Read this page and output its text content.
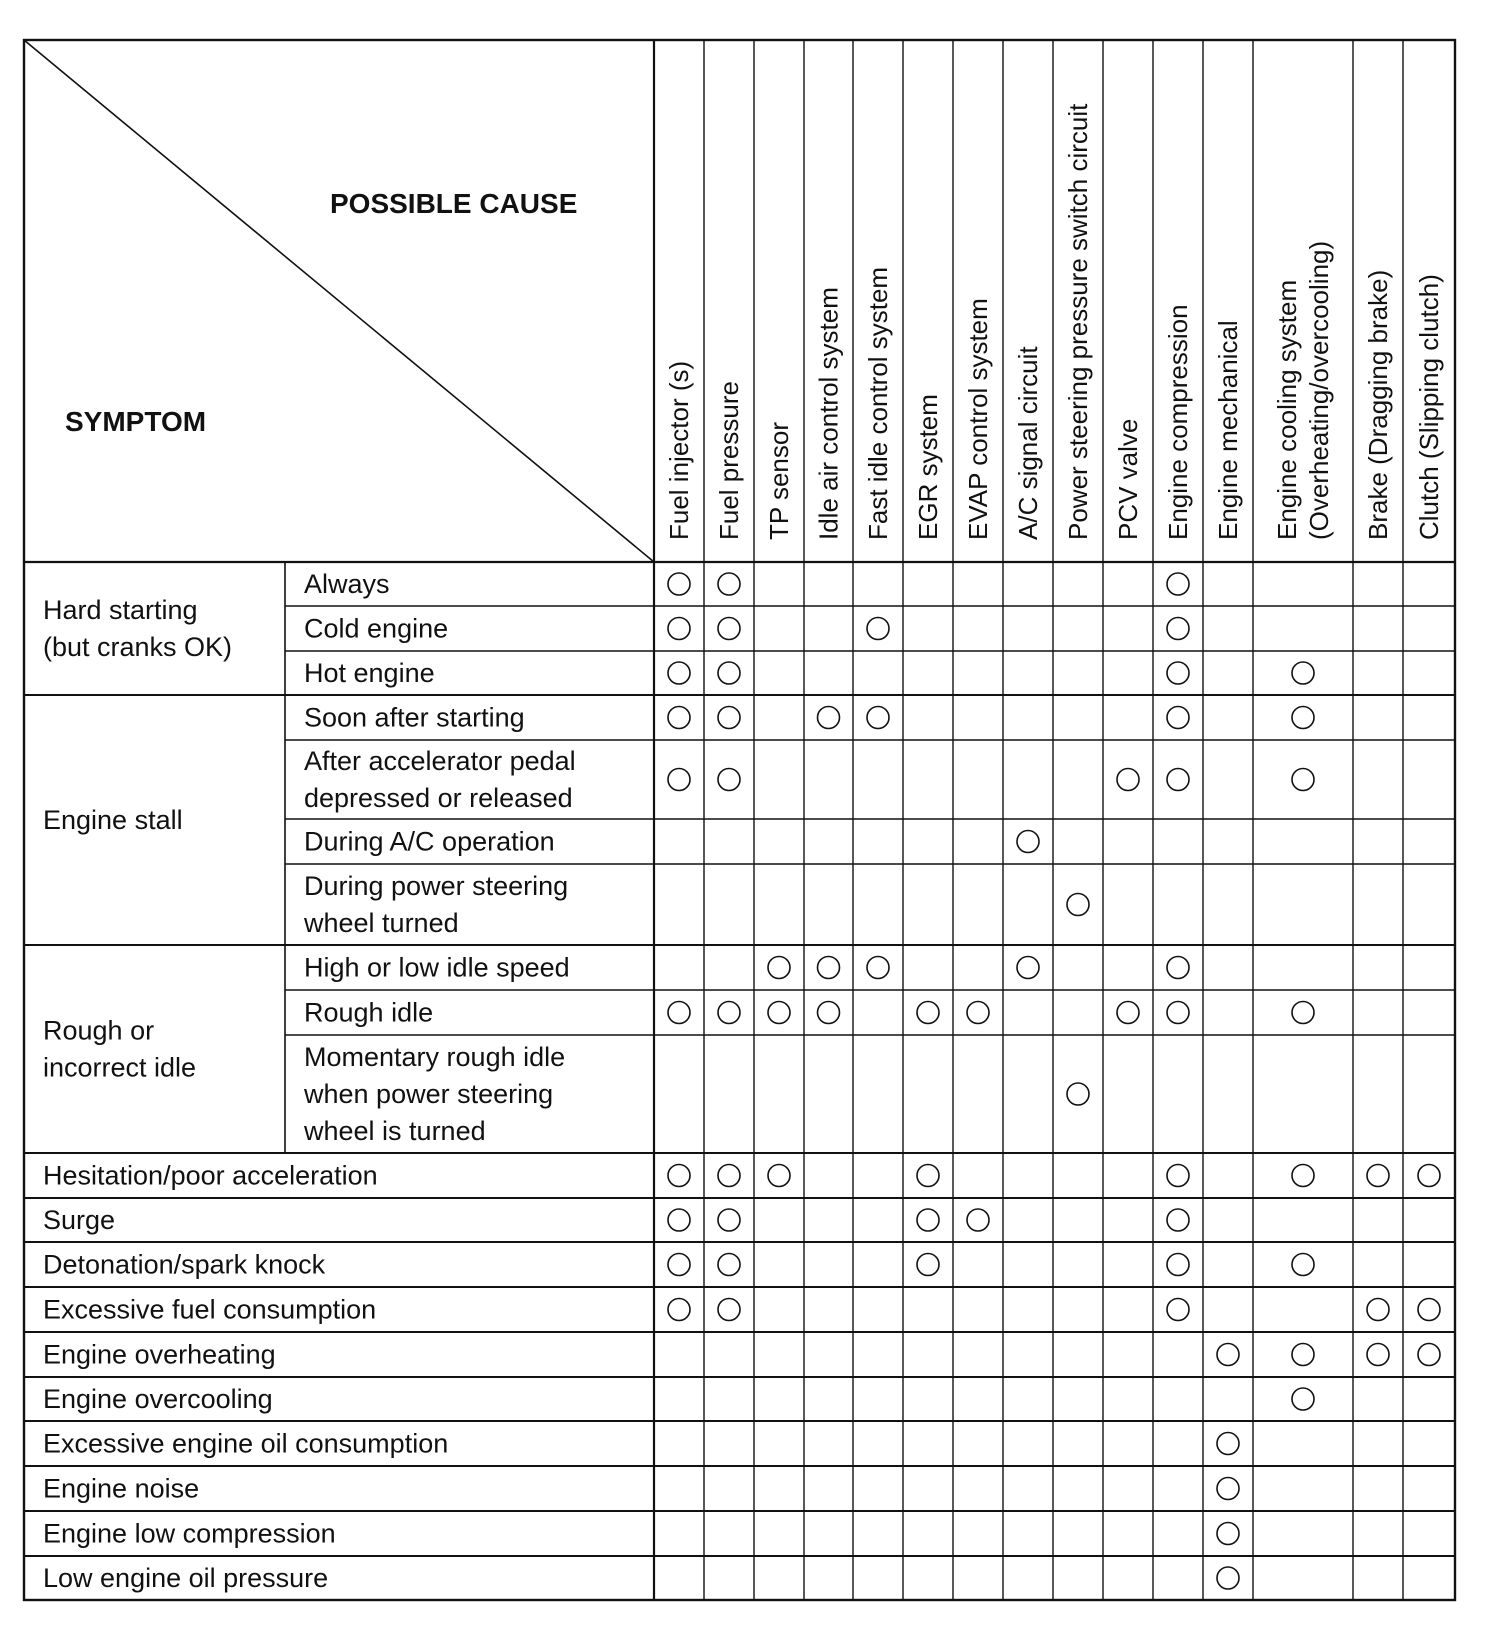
POSSIBLE CAUSE
SYMPTOM	Fuel injector (s) Fuel pressure TP sensor Idle air control system Fast idle control system EGR system EVAP control system A/C signal circuit Power steering pressure switch circuit PCV valve Engine compression Engine mechanical Engine cooling system (Overheating/overcooling) Brake (Dragging brake) Clutch (Slipping clutch)
Hard starting
(but cranks OK)
Engine stall
Rough or
incorrect idle
Always
Cold engine
Hot engine
Soon after starting
After accelerator pedal
depressed or released
During A/C operation
During power steering
wheel turned
High or low idle speed
Rough idle
Momentary rough idle
when power steering
wheel is turned
Hesitation/poor acceleration
Surge
Detonation/spark knock
Excessive fuel consumption
Engine overheating
Engine overcooling
Excessive engine oil consumption
Engine noise
Engine low compression
Low engine oil pressure
